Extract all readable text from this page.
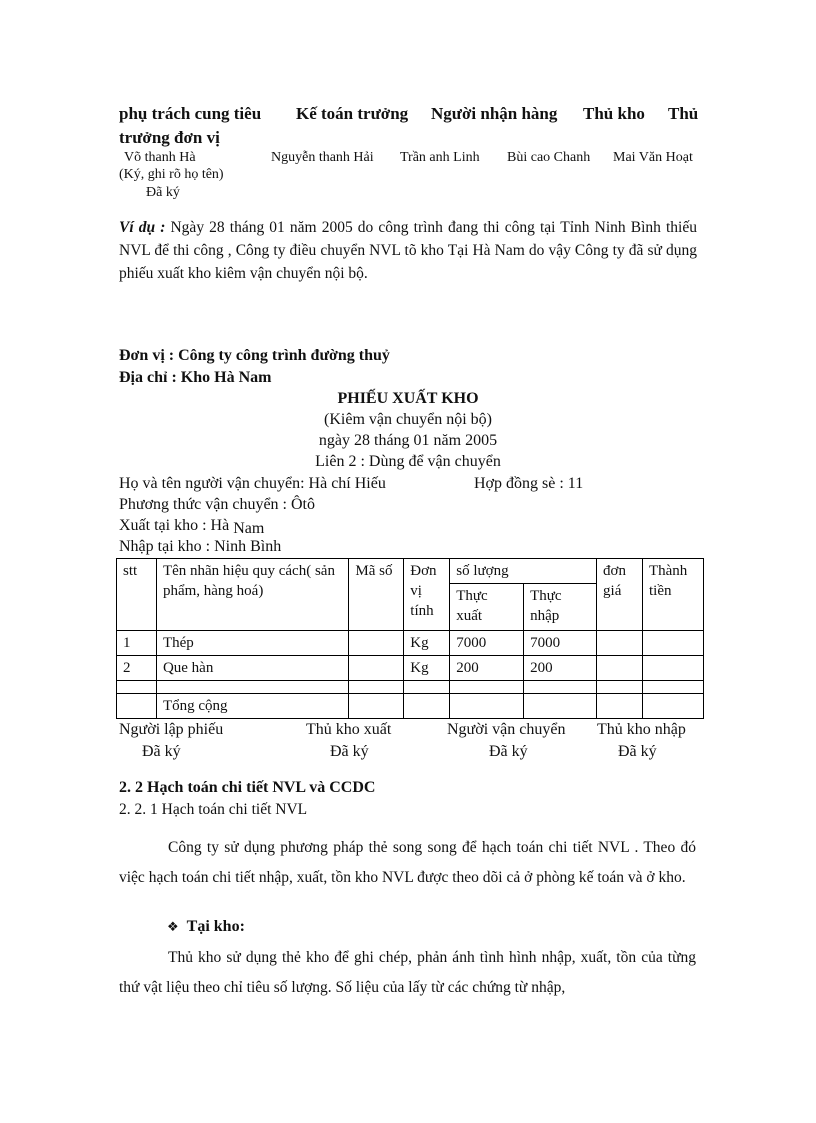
phụ trách cung tiêu Kế toán trưởng Người nhận hàng Thủ kho Thủ
trưởng đơn vị
Võ thanh Hà	Nguyễn thanh Hải Trần anh Linh Bùi cao Chanh Mai Văn Hoạt
(Ký, ghi rõ họ tên)
Đã ký
Ví dụ : Ngày 28 tháng 01 năm 2005 do công trình đang thi công tại Tỉnh Ninh Bình thiếu NVL để thi công , Công ty điều chuyển NVL tõ kho Tại Hà Nam do vậy Công ty đã sử dụng phiếu xuất kho kiêm vận chuyển nội bộ.
Đơn vị : Công ty công trình đường thuỷ
Địa chỉ : Kho Hà Nam
PHIẾU XUẤT KHO
(Kiêm vận chuyển nội bộ)
ngày 28 tháng 01 năm 2005
Liên 2 : Dùng để vận chuyển
Họ và tên người vận chuyển: Hà chí Hiếu	Hợp đồng sè : 11
Phương thức vận chuyển : Ôtô
Xuất tại kho : Hà Nam
Nhập tại kho : Ninh Bình
stt	Tên nhãn hiệu quy cách( sản phẩm, hàng hoá)	Mã số	Đơn vị tính	số lượng		đơn giá	Thành tiền
				Thực xuất	Thực nhập		
1	Thép		Kg	7000	7000		
2	Que hàn		Kg	200	200		

	Tổng cộng						
Người lập phiếu	Thủ kho xuất	Người vận chuyển Thủ kho nhập
Đã ký	Đã ký	Đã ký	Đã ký
2. 2 Hạch toán chi tiết NVL và CCDC
2. 2. 1 Hạch toán chi tiết NVL
Công ty sử dụng phương pháp thẻ song song để hạch toán chi tiết NVL . Theo đó việc hạch toán chi tiết nhập, xuất, tồn kho NVL được theo dõi cả ở phòng kế toán và ở kho.
❖ Tại kho:
Thủ kho sử dụng thẻ kho để ghi chép, phản ánh tình hình nhập, xuất, tồn của từng thứ vật liệu theo chỉ tiêu số lượng. Số liệu của lấy từ các chứng từ nhập,
